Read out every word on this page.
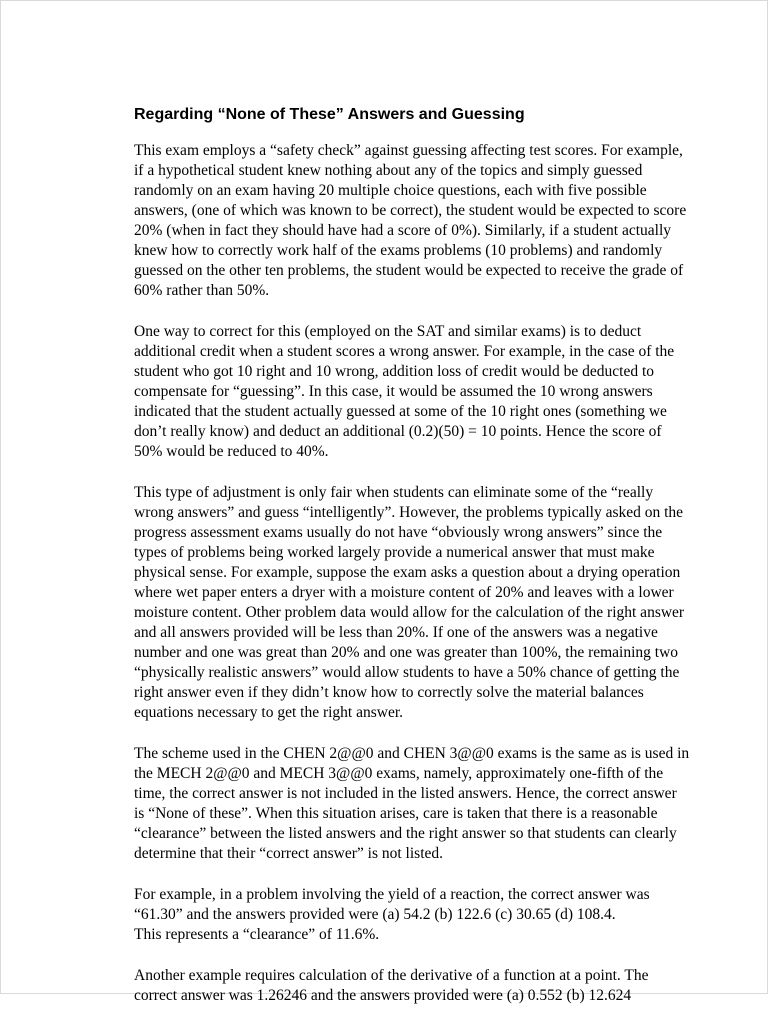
Regarding “None of These” Answers and Guessing
This exam employs a “safety check” against guessing affecting test scores. For example,
if a hypothetical student knew nothing about any of the topics and simply guessed
randomly on an exam having 20 multiple choice questions, each with five possible
answers, (one of which was known to be correct), the student would be expected to score
20% (when in fact they should have had a score of 0%). Similarly, if a student actually
knew how to correctly work half of the exams problems (10 problems) and randomly
guessed on the other ten problems, the student would be expected to receive the grade of
60% rather than 50%.
One way to correct for this (employed on the SAT and similar exams) is to deduct
additional credit when a student scores a wrong answer. For example, in the case of the
student who got 10 right and 10 wrong, addition loss of credit would be deducted to
compensate for “guessing”. In this case, it would be assumed the 10 wrong answers
indicated that the student actually guessed at some of the 10 right ones (something we
don’t really know) and deduct an additional (0.2)(50) = 10 points. Hence the score of
50% would be reduced to 40%.
This type of adjustment is only fair when students can eliminate some of the “really
wrong answers” and guess “intelligently”. However, the problems typically asked on the
progress assessment exams usually do not have “obviously wrong answers” since the
types of problems being worked largely provide a numerical answer that must make
physical sense. For example, suppose the exam asks a question about a drying operation
where wet paper enters a dryer with a moisture content of 20% and leaves with a lower
moisture content. Other problem data would allow for the calculation of the right answer
and all answers provided will be less than 20%. If one of the answers was a negative
number and one was great than 20% and one was greater than 100%, the remaining two
“physically realistic answers” would allow students to have a 50% chance of getting the
right answer even if they didn’t know how to correctly solve the material balances
equations necessary to get the right answer.
The scheme used in the CHEN 2@@0 and CHEN 3@@0 exams is the same as is used in
the MECH 2@@0 and MECH 3@@0 exams, namely, approximately one-fifth of the
time, the correct answer is not included in the listed answers. Hence, the correct answer
is “None of these”. When this situation arises, care is taken that there is a reasonable
“clearance” between the listed answers and the right answer so that students can clearly
determine that their “correct answer” is not listed.
For example, in a problem involving the yield of a reaction, the correct answer was
“61.30” and the answers provided were (a) 54.2 (b) 122.6 (c) 30.65 (d) 108.4.
This represents a “clearance” of 11.6%.
Another example requires calculation of the derivative of a function at a point. The
correct answer was 1.26246 and the answers provided were (a) 0.552 (b) 12.624
